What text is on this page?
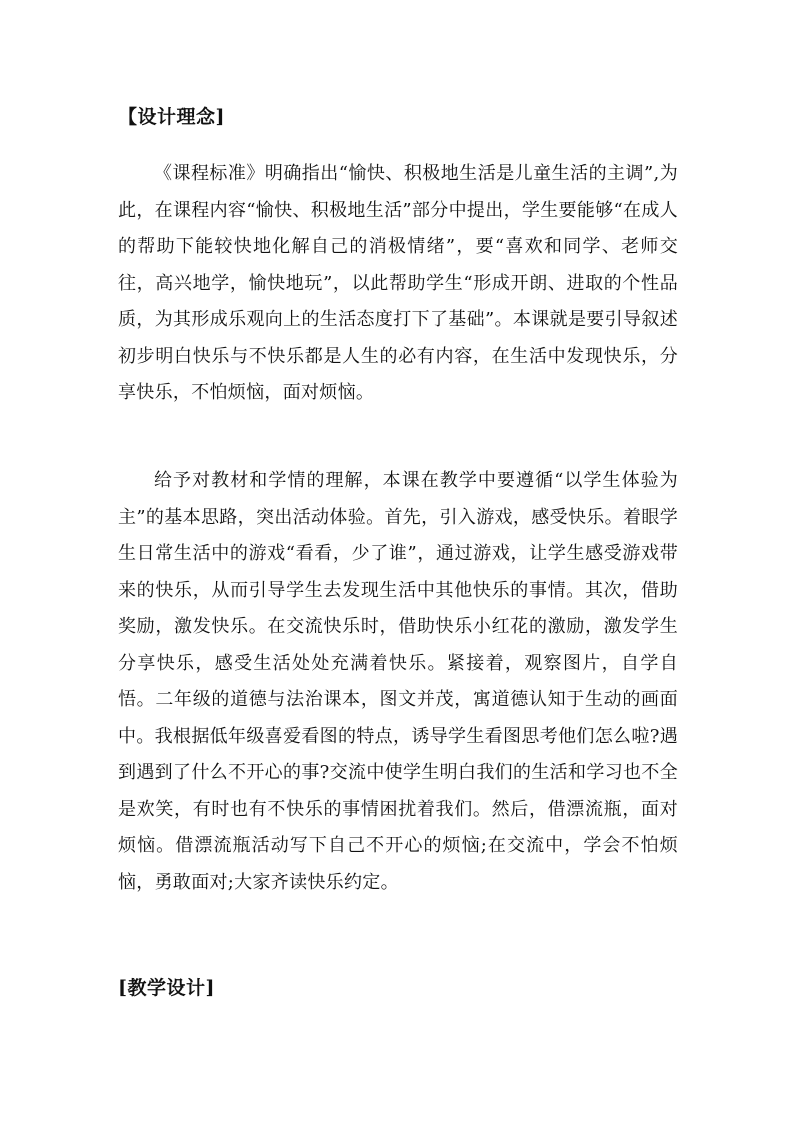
【设计理念]

《课程标准》明确指出“愉快、积极地生活是儿童生活的主调”,为此，在课程内容“愉快、积极地生活”部分中提出，学生要能够“在成人的帮助下能较快地化解自己的消极情绪”，要“喜欢和同学、老师交往，高兴地学，愉快地玩”，以此帮助学生“形成开朗、进取的个性品质，为其形成乐观向上的生活态度打下了基础”。本课就是要引导叙述初步明白快乐与不快乐都是人生的必有内容，在生活中发现快乐，分享快乐，不怕烦恼，面对烦恼。

给予对教材和学情的理解，本课在教学中要遵循“以学生体验为主”的基本思路，突出活动体验。首先，引入游戏，感受快乐。着眼学生日常生活中的游戏“看看，少了谁”，通过游戏，让学生感受游戏带来的快乐，从而引导学生去发现生活中其他快乐的事情。其次，借助奖励，激发快乐。在交流快乐时，借助快乐小红花的激励，激发学生分享快乐，感受生活处处充满着快乐。紧接着，观察图片，自学自悟。二年级的道德与法治课本，图文并茂，寓道德认知于生动的画面中。我根据低年级喜爱看图的特点，诱导学生看图思考他们怎么啦?遇到遇到了什么不开心的事?交流中使学生明白我们的生活和学习也不全是欢笑，有时也有不快乐的事情困扰着我们。然后，借漂流瓶，面对烦恼。借漂流瓶活动写下自己不开心的烦恼;在交流中，学会不怕烦恼，勇敢面对;大家齐读快乐约定。

[教学设计]
